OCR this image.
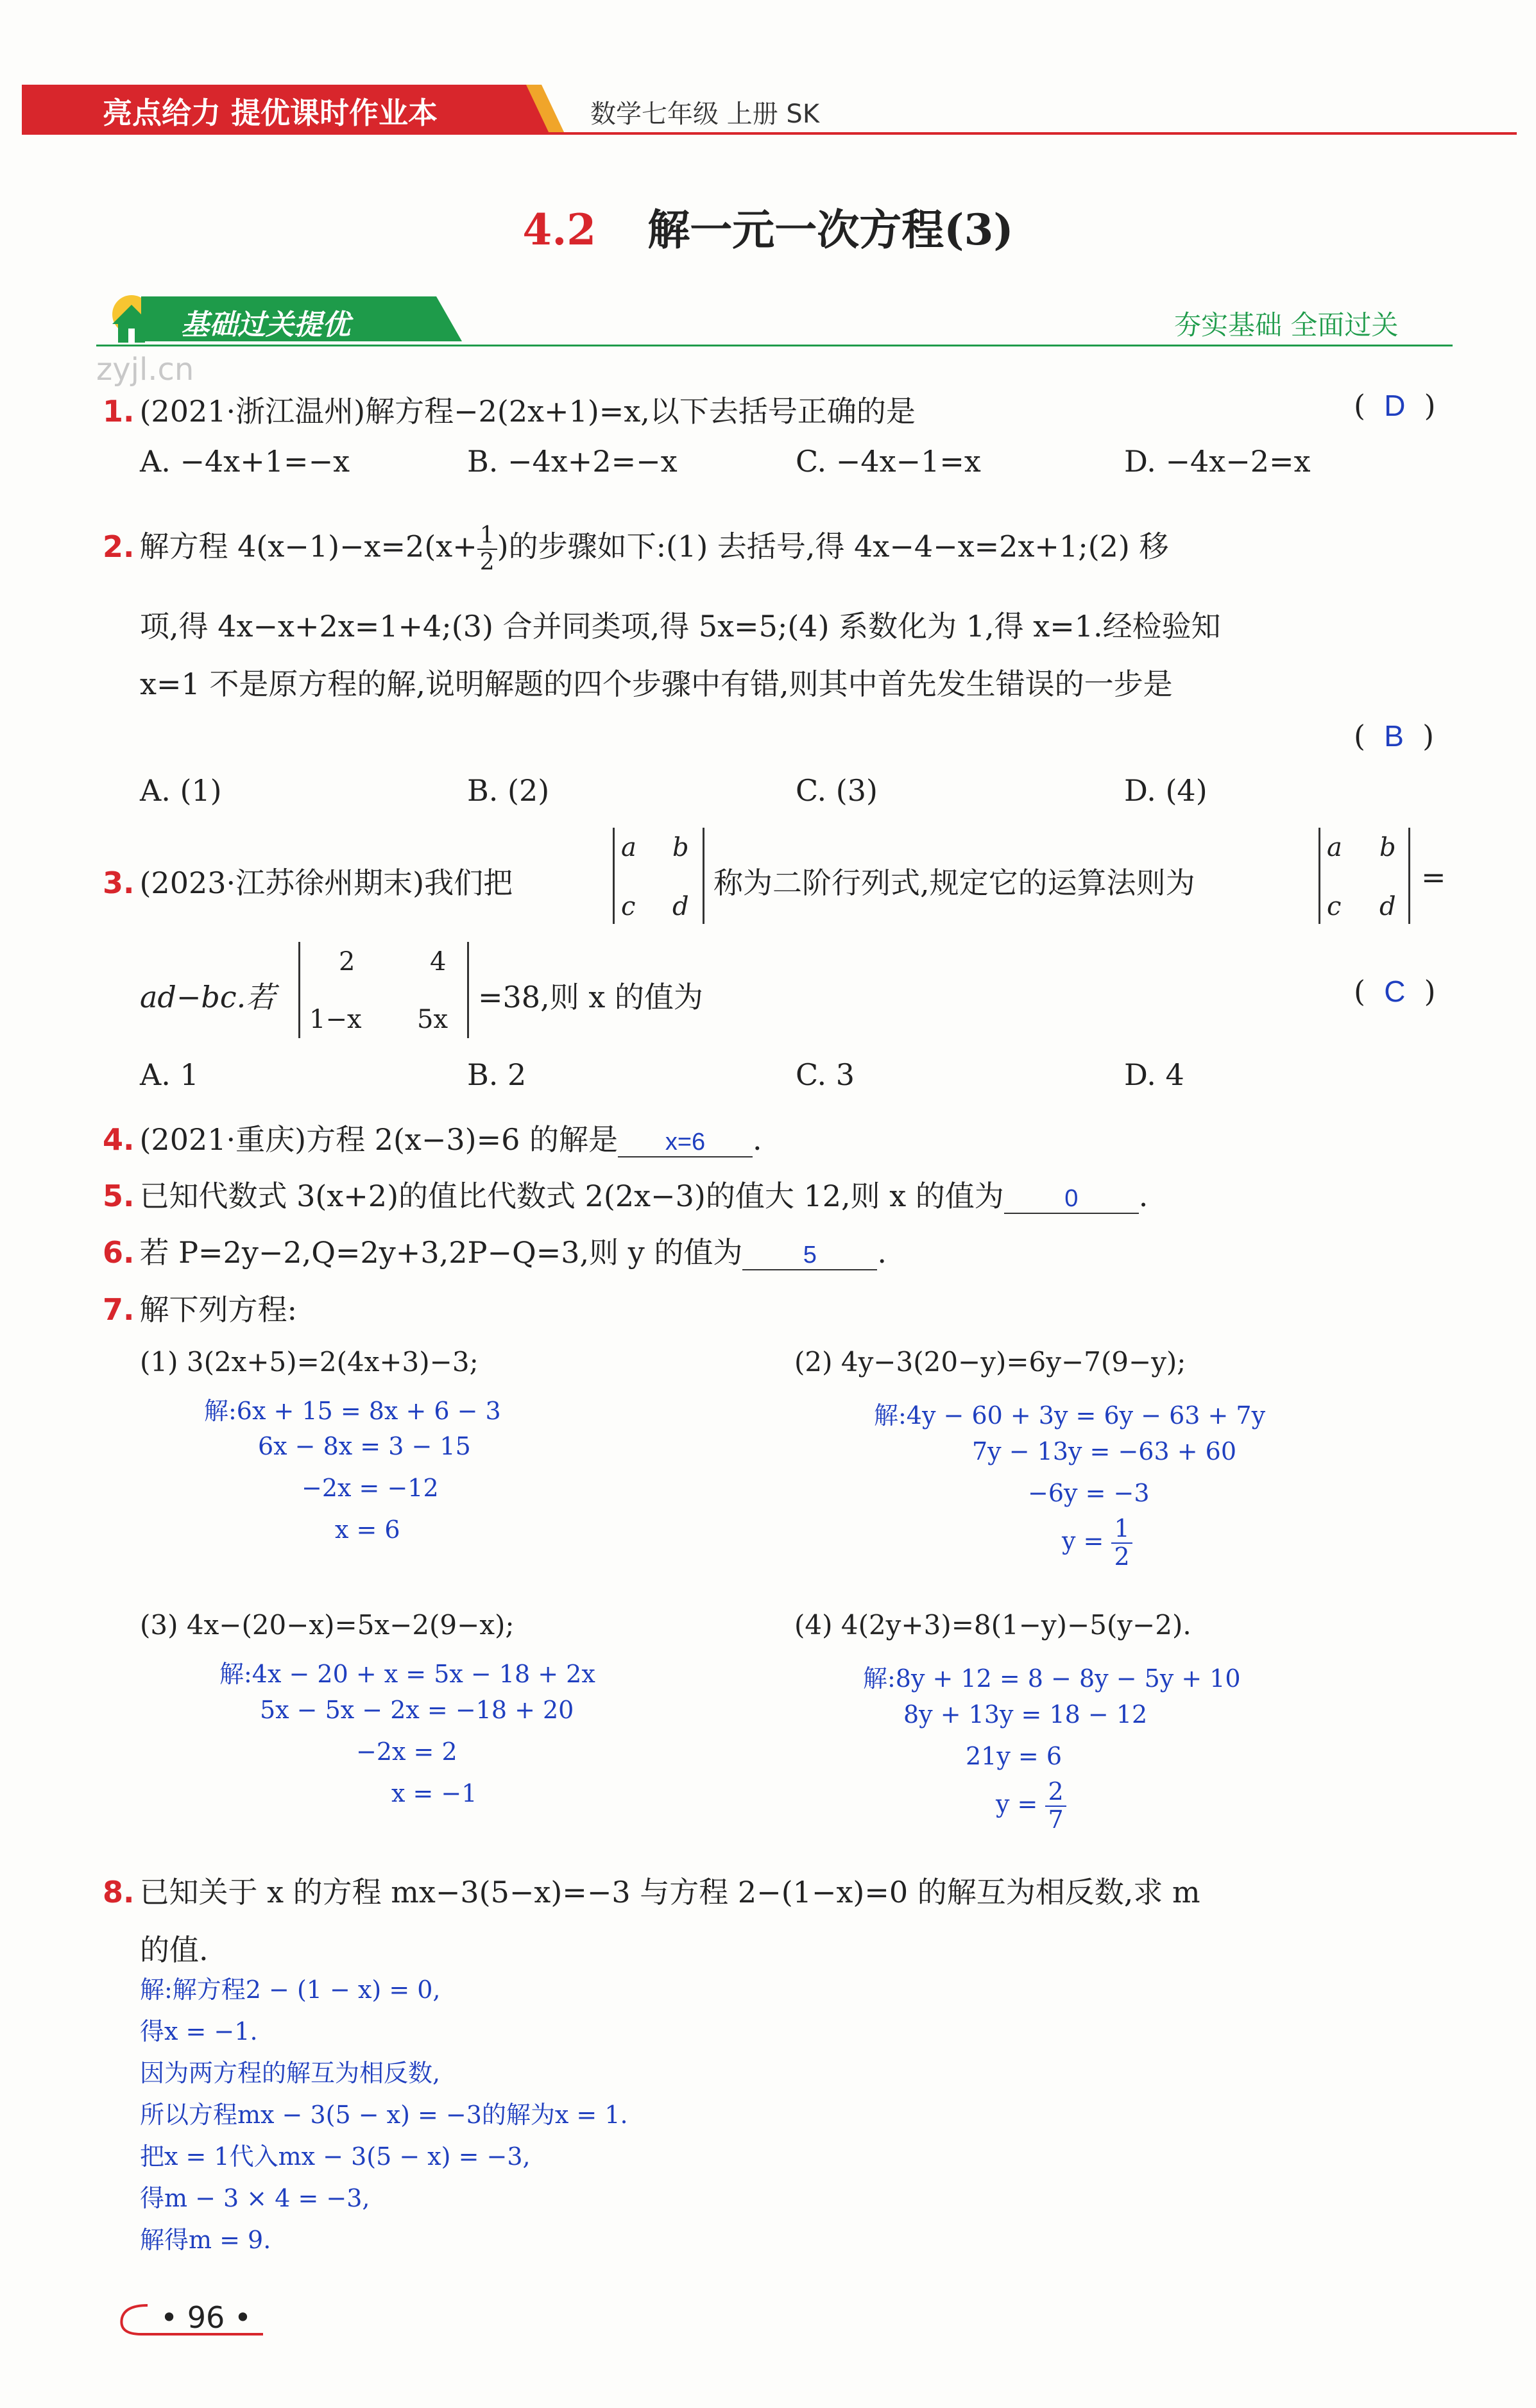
亮点给力 提优课时作业本	数学七年级 上册 SK
4.2 解一元一次方程(3)
基础过关提优	夯实基础 全面过关
zyjl.cn
1. (2021·浙江温州)解方程−2(2x+1)=x,以下去括号正确的是	(  D  )
A. −4x+1=−x	B. −4x+2=−x	C. −4x−1=x	D. −4x−2=x
2. 解方程 $4(x-1)-x=2(x+ \frac{1}{2}$ )的步骤如下:(1) 去括号,得 4x−4−x=2x+1;(2) 移
项,得 4x−x+2x=1+4;(3) 合并同类项,得 5x=5;(4) 系数化为 1,得 x=1.经检验知
x=1 不是原方程的解,说明解题的四个步骤中有错,则其中首先发生错误的一步是
(  B  )
A. (1)	B. (2)	C. (3)	D. (4)
3. (2023·江苏徐州期末)我们把
a b
c d
称为二阶行列式,规定它的运算法则为
a b
c d
=
ad−bc.若
2	4
1−x 5x
=38,则 x 的值为	(  C  )
A. 1	B. 2	C. 3	D. 4
4. (2021·重庆)方程 2(x−3)=6 的解是 x=6 .
5. 已知代数式 3(x+2)的值比代数式 2(2x−3)的值大 12,则 x 的值为 0 .
6. 若 P=2y−2,Q=2y+3,2P−Q=3,则 y 的值为 5 .
7. 解下列方程:
(1) 3(2x+5)=2(4x+3)−3;
解:6x + 15 = 8x + 6 − 3
6x − 8x = 3 − 15
−2x = −12
x = 6
(2) 4y−3(20−y)=6y−7(9−y);
解:4y − 60 + 3y = 6y − 63 + 7y
7y − 13y = −63 + 60
−6y = −3
$y = \frac{1}{2}$
(3) 4x−(20−x)=5x−2(9−x);
解:4x − 20 + x = 5x − 18 + 2x
5x − 5x − 2x = −18 + 20
−2x = 2
x = −1
(4) 4(2y+3)=8(1−y)−5(y−2).
解:8y + 12 = 8 − 8y − 5y + 10
8y + 13y = 18 − 12
21y = 6
$y = \frac{2}{7}$
8. 已知关于 x 的方程 mx−3(5−x)=−3 与方程 2−(1−x)=0 的解互为相反数,求 m
的值.
解:解方程2 − (1 − x) = 0,
得x = −1.
因为两方程的解互为相反数,
所以方程mx − 3(5 − x) = −3的解为x = 1.
把x = 1代入mx − 3(5 − x) = −3,
得m − 3 × 4 = −3,
解得m = 9.
• 96 •
